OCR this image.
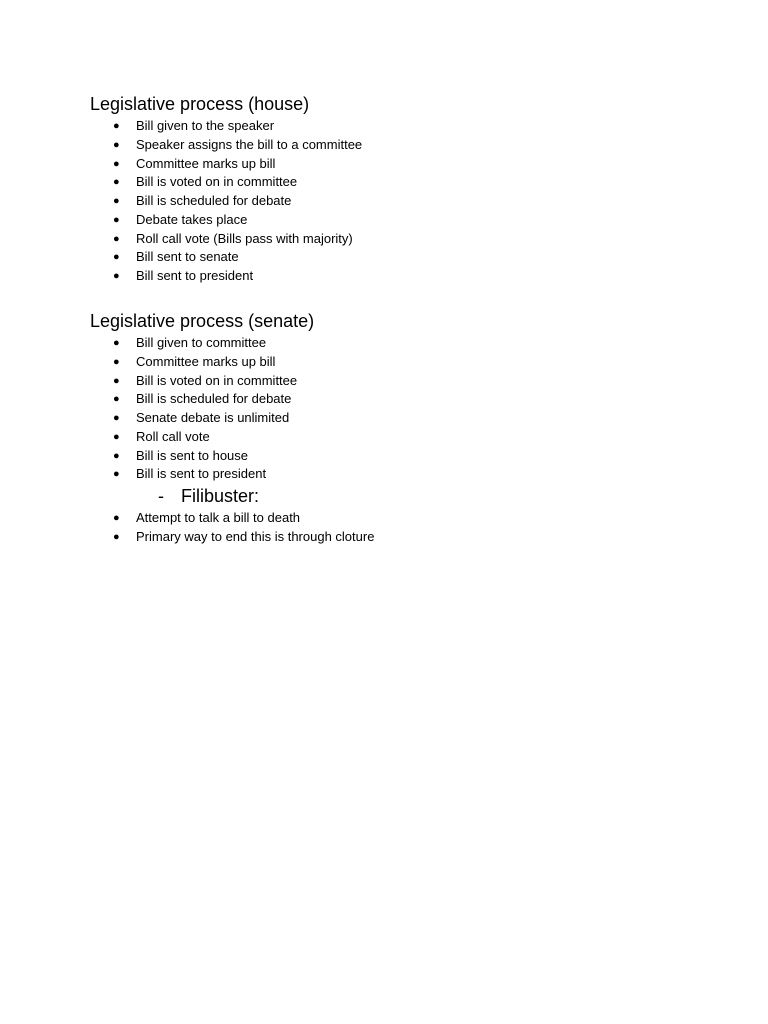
Legislative process (house)
● Bill given to the speaker
● Speaker assigns the bill to a committee
● Committee marks up bill
● Bill is voted on in committee
● Bill is scheduled for debate
● Debate takes place
● Roll call vote (Bills pass with majority)
● Bill sent to senate
● Bill sent to president
Legislative process (senate)
● Bill given to committee
● Committee marks up bill
● Bill is voted on in committee
● Bill is scheduled for debate
● Senate debate is unlimited
● Roll call vote
● Bill is sent to house
● Bill is sent to president
- Filibuster:
● Attempt to talk a bill to death
● Primary way to end this is through cloture
